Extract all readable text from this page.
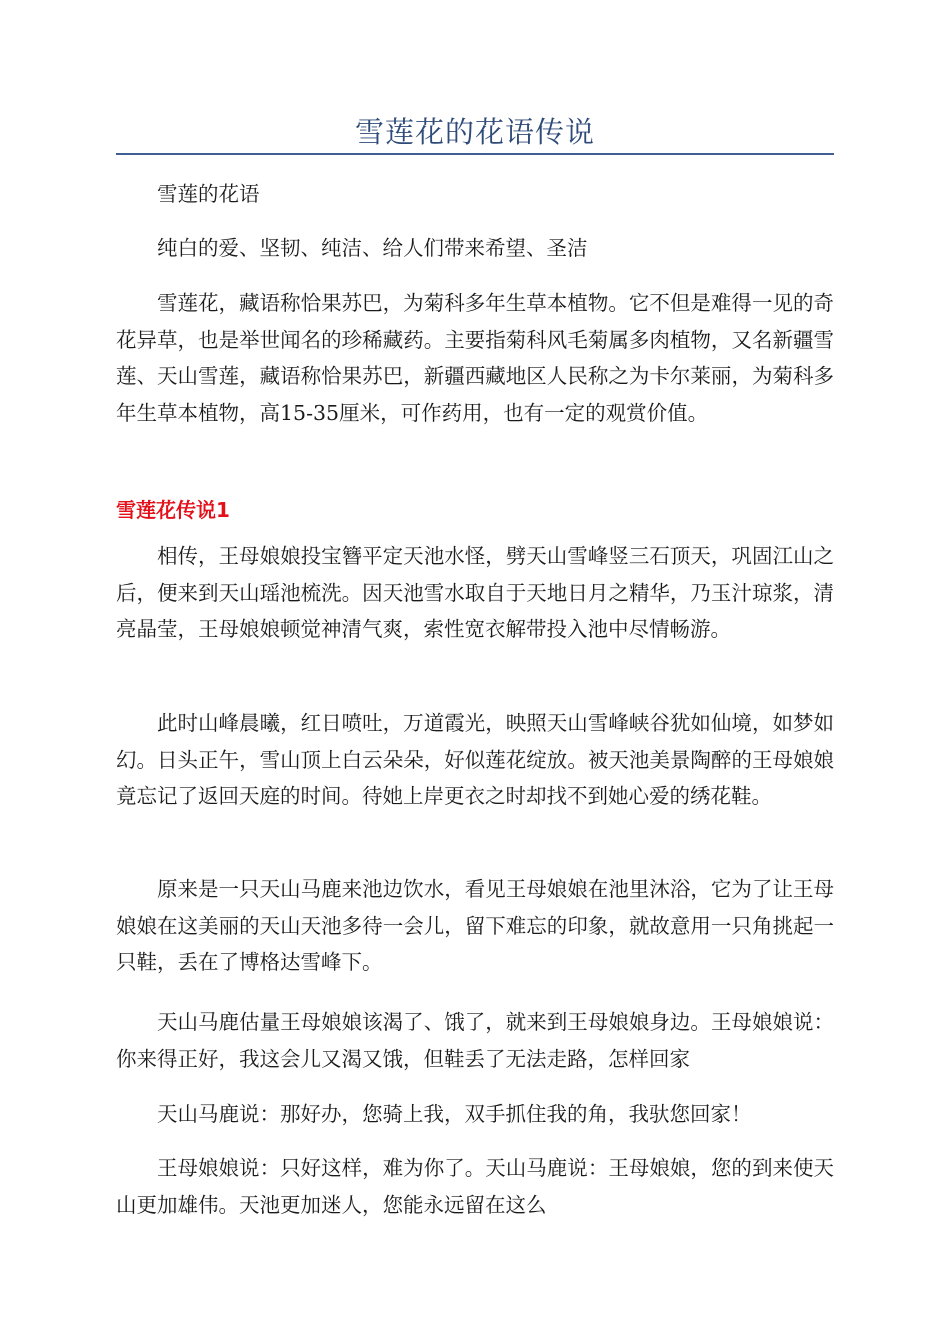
雪莲花的花语传说

雪莲的花语

纯白的爱、坚韧、纯洁、给人们带来希望、圣洁

雪莲花，藏语称恰果苏巴，为菊科多年生草本植物。它不但是难得一见的奇花异草，也是举世闻名的珍稀藏药。主要指菊科风毛菊属多肉植物，又名新疆雪莲、天山雪莲，藏语称恰果苏巴，新疆西藏地区人民称之为卡尔莱丽，为菊科多年生草本植物，高15-35厘米，可作药用，也有一定的观赏价值。

雪莲花传说1

相传，王母娘娘投宝簪平定天池水怪，劈天山雪峰竖三石顶天，巩固江山之后，便来到天山瑶池梳洗。因天池雪水取自于天地日月之精华，乃玉汁琼浆，清亮晶莹，王母娘娘顿觉神清气爽，索性宽衣解带投入池中尽情畅游。

此时山峰晨曦，红日喷吐，万道霞光，映照天山雪峰峡谷犹如仙境，如梦如幻。日头正午，雪山顶上白云朵朵，好似莲花绽放。被天池美景陶醉的王母娘娘竟忘记了返回天庭的时间。待她上岸更衣之时却找不到她心爱的绣花鞋。

原来是一只天山马鹿来池边饮水，看见王母娘娘在池里沐浴，它为了让王母娘娘在这美丽的天山天池多待一会儿，留下难忘的印象，就故意用一只角挑起一只鞋，丢在了博格达雪峰下。

天山马鹿估量王母娘娘该渴了、饿了，就来到王母娘娘身边。王母娘娘说：你来得正好，我这会儿又渴又饿，但鞋丢了无法走路，怎样回家

天山马鹿说：那好办，您骑上我，双手抓住我的角，我驮您回家！

王母娘娘说：只好这样，难为你了。天山马鹿说：王母娘娘，您的到来使天山更加雄伟。天池更加迷人，您能永远留在这么
